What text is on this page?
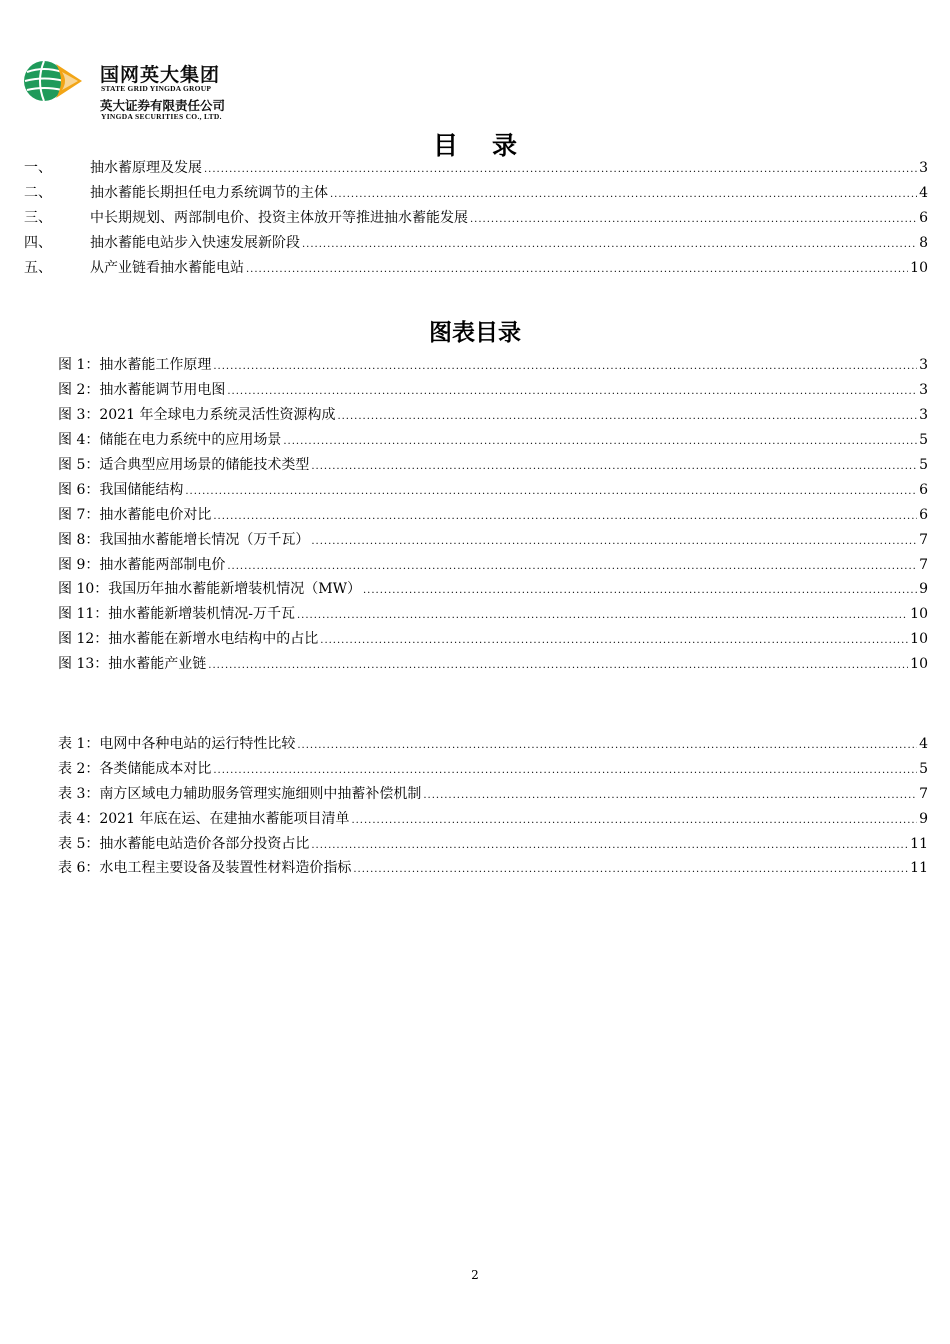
国网英大集团
STATE GRID YINGDA GROUP
英大证券有限责任公司
YINGDA SECURITIES CO., LTD.
目录
一、	抽水蓄原理及发展 .....	3
二、	抽水蓄能长期担任电力系统调节的主体 .....	4
三、	中长期规划、两部制电价、投资主体放开等推进抽水蓄能发展 .....	6
四、	抽水蓄能电站步入快速发展新阶段 .....	8
五、	从产业链看抽水蓄能电站 .....	10
图表目录
图 1： 抽水蓄能工作原理 .....	3
图 2： 抽水蓄能调节用电图 .....	3
图 3： 2021 年全球电力系统灵活性资源构成 .....	3
图 4： 储能在电力系统中的应用场景 .....	5
图 5： 适合典型应用场景的储能技术类型 .....	5
图 6： 我国储能结构 .....	6
图 7： 抽水蓄能电价对比 .....	6
图 8： 我国抽水蓄能增长情况（万千瓦） .....	7
图 9： 抽水蓄能两部制电价 .....	7
图 10： 我国历年抽水蓄能新增装机情况（MW） .....	9
图 11： 抽水蓄能新增装机情况-万千瓦 .....	10
图 12： 抽水蓄能在新增水电结构中的占比 .....	10
图 13： 抽水蓄能产业链 .....	10
表 1： 电网中各种电站的运行特性比较 .....	4
表 2： 各类储能成本对比 .....	5
表 3： 南方区域电力辅助服务管理实施细则中抽蓄补偿机制 .....	7
表 4： 2021 年底在运、在建抽水蓄能项目清单 .....	9
表 5： 抽水蓄能电站造价各部分投资占比 .....	11
表 6： 水电工程主要设备及装置性材料造价指标 .....	11
2
